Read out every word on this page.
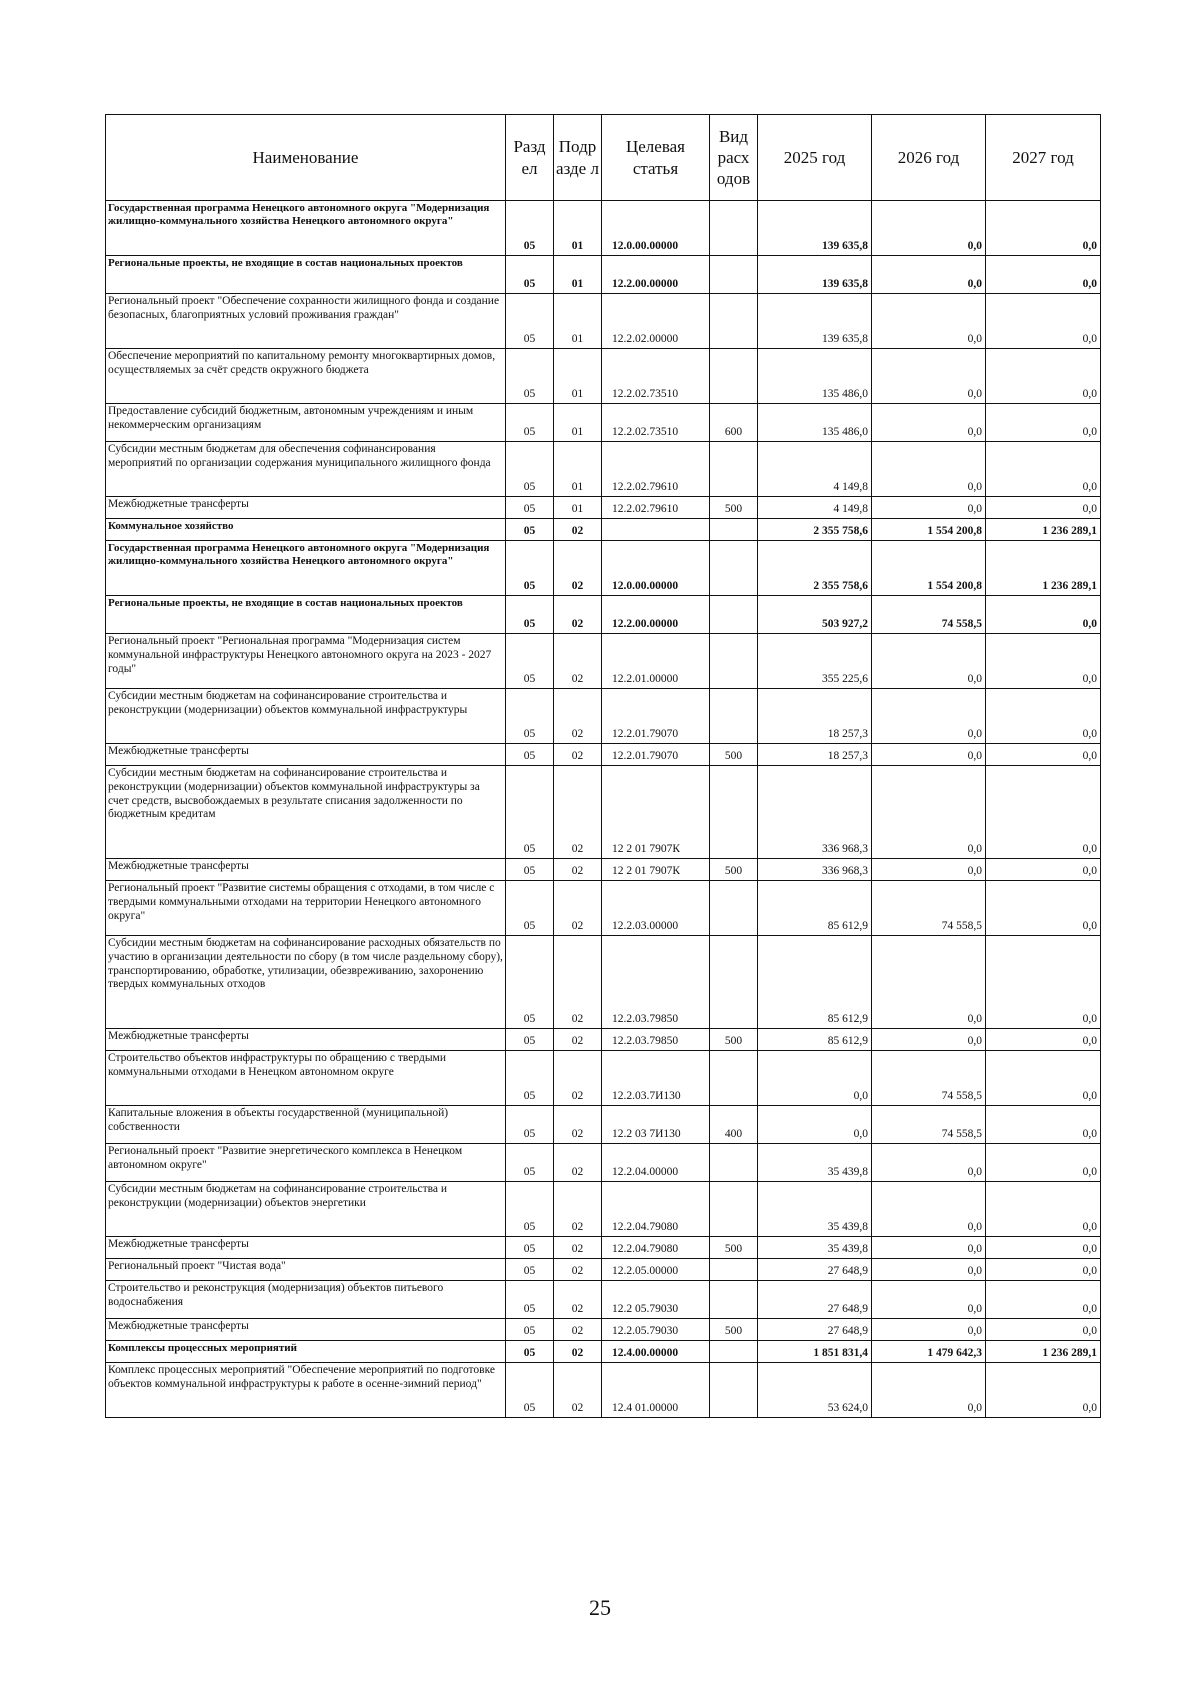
Наименование	Разд ел	Подр азде л	Целевая статья	Вид расх одов	2025 год	2026 год	2027 год
Государственная программа Ненецкого автономного округа "Модернизация жилищно-коммунального хозяйства Ненецкого автономного округа"	05	01	12.0.00.00000		139 635,8	0,0	0,0
Региональные проекты, не входящие в состав национальных проектов	05	01	12.2.00.00000		139 635,8	0,0	0,0
Региональный проект "Обеспечение сохранности жилищного фонда и создание безопасных, благоприятных условий проживания граждан"	05	01	12.2.02.00000		139 635,8	0,0	0,0
Обеспечение мероприятий по капитальному ремонту многоквартирных домов, осуществляемых за счёт средств окружного бюджета	05	01	12.2.02.73510		135 486,0	0,0	0,0
Предоставление субсидий бюджетным, автономным учреждениям и иным некоммерческим организациям	05	01	12.2.02.73510	600	135 486,0	0,0	0,0
Субсидии местным бюджетам для обеспечения софинансирования мероприятий по организации содержания муниципального жилищного фонда	05	01	12.2.02.79610		4 149,8	0,0	0,0
Межбюджетные трансферты	05	01	12.2.02.79610	500	4 149,8	0,0	0,0
Коммунальное хозяйство	05	02			2 355 758,6	1 554 200,8	1 236 289,1
Государственная программа Ненецкого автономного округа "Модернизация жилищно-коммунального хозяйства Ненецкого автономного округа"	05	02	12.0.00.00000		2 355 758,6	1 554 200,8	1 236 289,1
Региональные проекты, не входящие в состав национальных проектов	05	02	12.2.00.00000		503 927,2	74 558,5	0,0
Региональный проект "Региональная программа "Модернизация систем коммунальной инфраструктуры Ненецкого автономного округа на 2023 - 2027 годы"	05	02	12.2.01.00000		355 225,6	0,0	0,0
Субсидии местным бюджетам на софинансирование строительства и реконструкции (модернизации) объектов коммунальной инфраструктуры	05	02	12.2.01.79070		18 257,3	0,0	0,0
Межбюджетные трансферты	05	02	12.2.01.79070	500	18 257,3	0,0	0,0
Субсидии местным бюджетам на софинансирование строительства и реконструкции (модернизации) объектов коммунальной инфраструктуры за счет средств, высвобождаемых в результате списания задолженности по бюджетным кредитам	05	02	12 2 01 7907К		336 968,3	0,0	0,0
Межбюджетные трансферты	05	02	12 2 01 7907К	500	336 968,3	0,0	0,0
Региональный проект "Развитие системы обращения с отходами, в том числе с твердыми коммунальными отходами на территории Ненецкого автономного округа"	05	02	12.2.03.00000		85 612,9	74 558,5	0,0
Субсидии местным бюджетам на софинансирование расходных обязательств по участию в организации деятельности по сбору (в том числе раздельному сбору), транспортированию, обработке, утилизации, обезвреживанию, захоронению твердых коммунальных отходов	05	02	12.2.03.79850		85 612,9	0,0	0,0
Межбюджетные трансферты	05	02	12.2.03.79850	500	85 612,9	0,0	0,0
Строительство объектов инфраструктуры по обращению с твердыми коммунальными отходами в Ненецком автономном округе	05	02	12.2.03.7И130		0,0	74 558,5	0,0
Капитальные вложения в объекты государственной (муниципальной) собственности	05	02	12.2 03 7И130	400	0,0	74 558,5	0,0
Региональный проект "Развитие энергетического комплекса в Ненецком автономном округе"	05	02	12.2.04.00000		35 439,8	0,0	0,0
Субсидии местным бюджетам на софинансирование строительства и реконструкции (модернизации) объектов энергетики	05	02	12.2.04.79080		35 439,8	0,0	0,0
Межбюджетные трансферты	05	02	12.2.04.79080	500	35 439,8	0,0	0,0
Региональный проект "Чистая вода"	05	02	12.2.05.00000		27 648,9	0,0	0,0
Строительство и реконструкция (модернизация) объектов питьевого водоснабжения	05	02	12.2 05.79030		27 648,9	0,0	0,0
Межбюджетные трансферты	05	02	12.2.05.79030	500	27 648,9	0,0	0,0
Комплексы процессных мероприятий	05	02	12.4.00.00000		1 851 831,4	1 479 642,3	1 236 289,1
Комплекс процессных мероприятий "Обеспечение мероприятий по подготовке объектов коммунальной инфраструктуры к работе в осенне-зимний период"	05	02	12.4 01.00000		53 624,0	0,0	0,0
25
